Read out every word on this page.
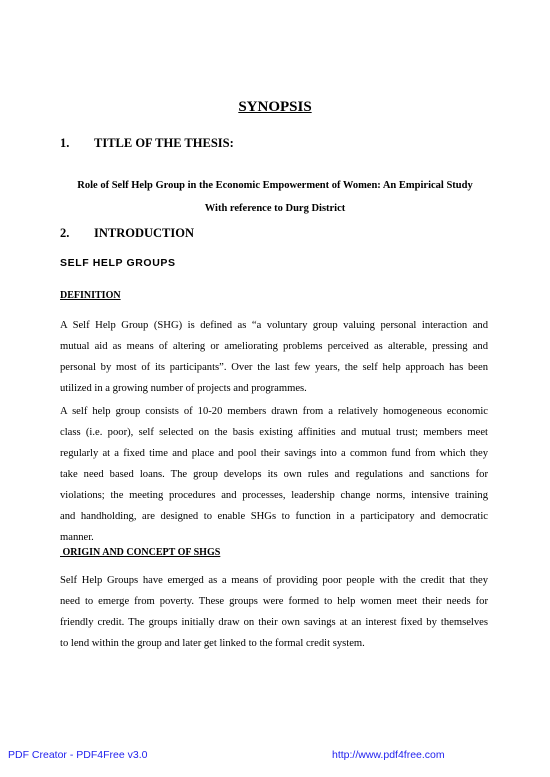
SYNOPSIS
1. TITLE OF THE THESIS:
Role of Self Help Group in the Economic Empowerment of Women: An Empirical Study
With reference to Durg District
2. INTRODUCTION
SELF HELP GROUPS
DEFINITION
A Self Help Group (SHG) is defined as “a voluntary group valuing personal interaction and
mutual aid as means of altering or ameliorating problems perceived as alterable, pressing and
personal by most of its participants”. Over the last few years, the self help approach has been
utilized in a growing number of projects and programmes.
A self help group consists of 10-20 members drawn from a relatively homogeneous economic
class (i.e. poor), self selected on the basis existing affinities and mutual trust; members meet
regularly at a fixed time and place and pool their savings into a common fund from which they
take need based loans. The group develops its own rules and regulations and sanctions for
violations; the meeting procedures and processes, leadership change norms, intensive training
and handholding, are designed to enable SHGs to function in a participatory and democratic
manner.
ORIGIN AND CONCEPT OF SHGS
Self Help Groups have emerged as a means of providing poor people with the credit that they
need to emerge from poverty. These groups were formed to help women meet their needs for
friendly credit. The groups initially draw on their own savings at an interest fixed by themselves
to lend within the group and later get linked to the formal credit system.
PDF Creator - PDF4Free v3.0	http://www.pdf4free.com
